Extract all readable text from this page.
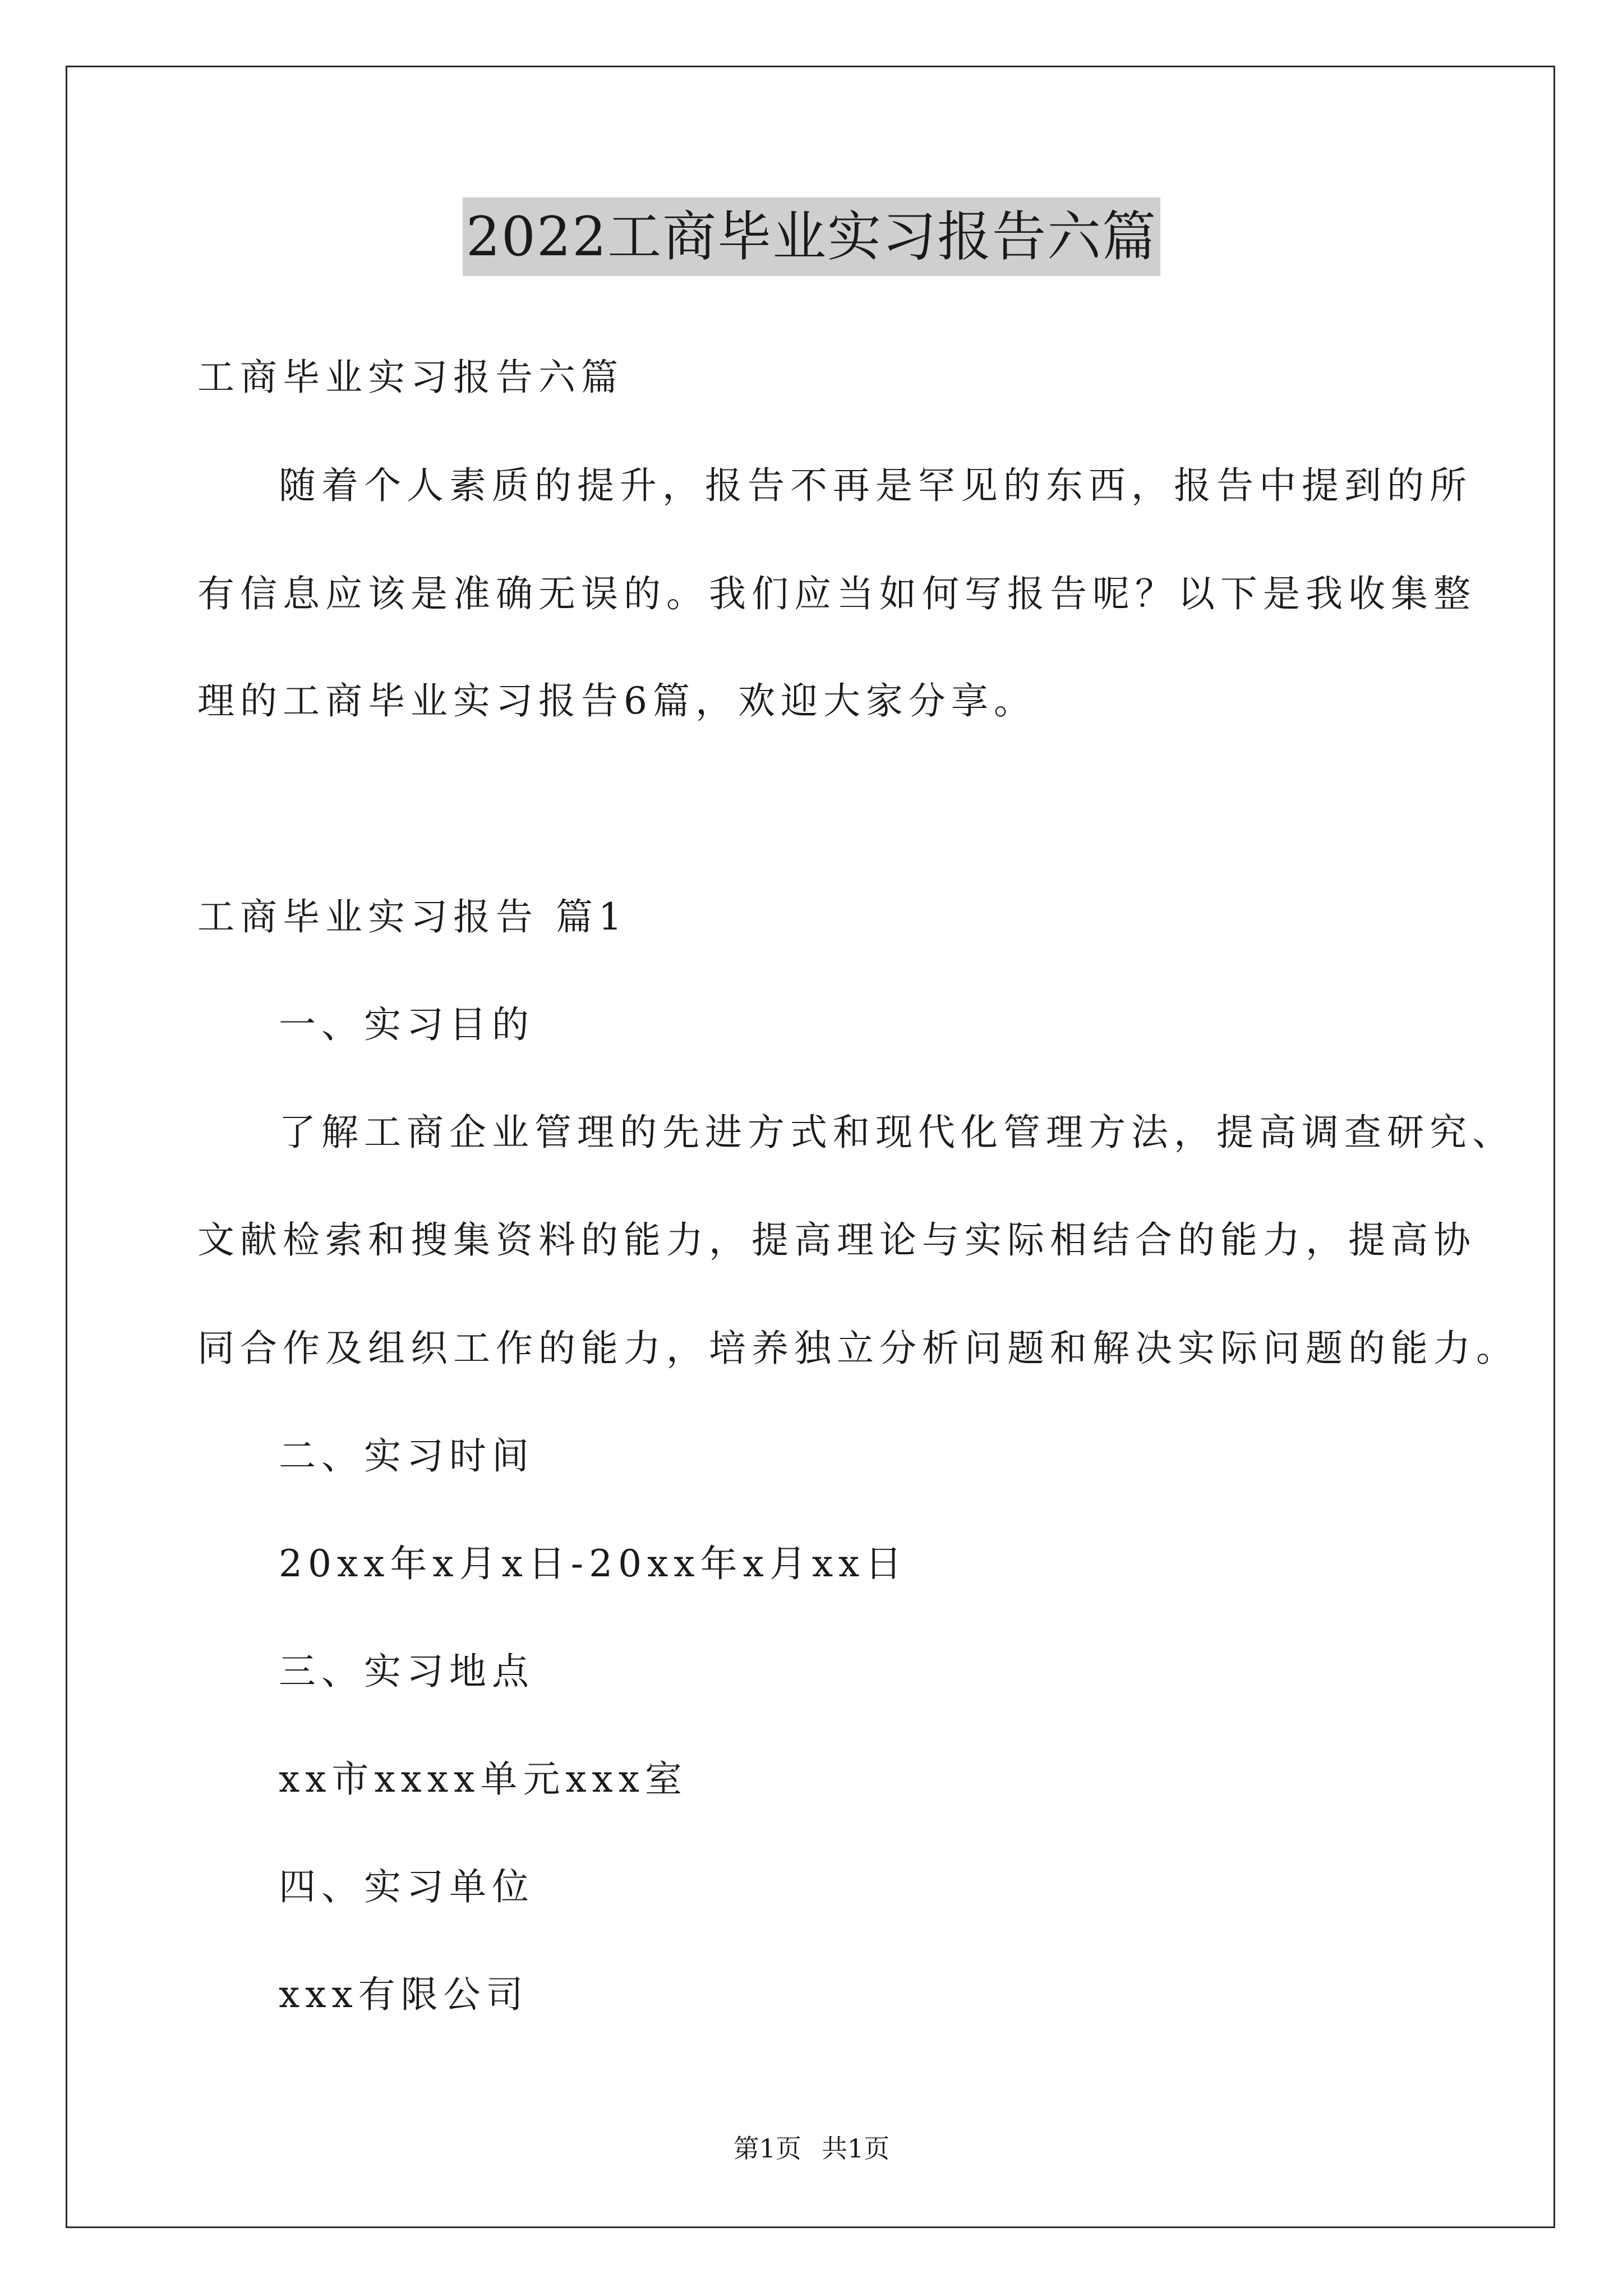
2022工商毕业实习报告六篇
工商毕业实习报告六篇
随着个人素质的提升，报告不再是罕见的东西，报告中提到的所
有信息应该是准确无误的。我们应当如何写报告呢？以下是我收集整
理的工商毕业实习报告6篇，欢迎大家分享。
工商毕业实习报告 篇1
一、实习目的
了解工商企业管理的先进方式和现代化管理方法，提高调查研究、
文献检索和搜集资料的能力，提高理论与实际相结合的能力，提高协
同合作及组织工作的能力，培养独立分析问题和解决实际问题的能力。
二、实习时间
20xx年x月x日-20xx年x月xx日
三、实习地点
xx市xxxx单元xxx室
四、实习单位
xxx有限公司
第1页 共1页
